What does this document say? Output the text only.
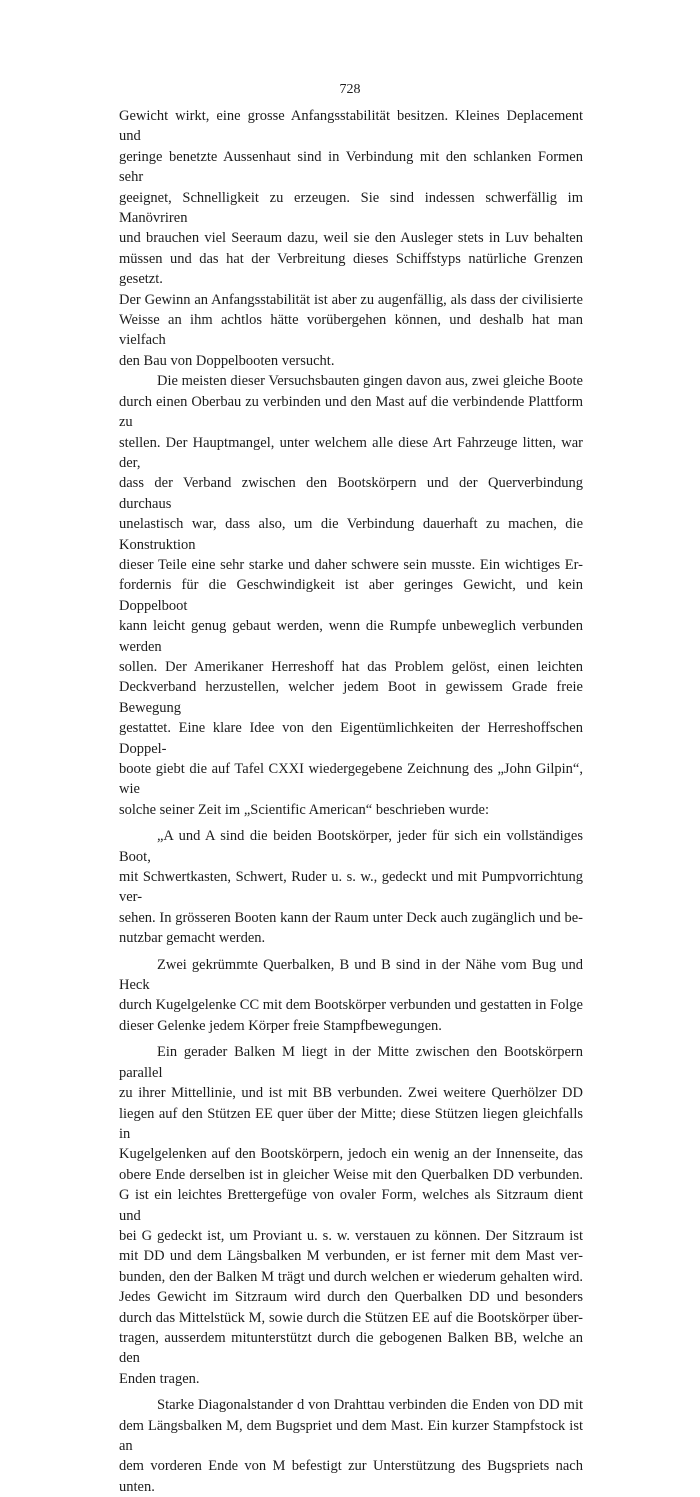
728

Gewicht wirkt, eine grosse Anfangsstabilität besitzen. Kleines Deplacement und
geringe benetzte Aussenhaut sind in Verbindung mit den schlanken Formen sehr
geeignet, Schnelligkeit zu erzeugen. Sie sind indessen schwerfällig im Manövriren
und brauchen viel Seeraum dazu, weil sie den Ausleger stets in Luv behalten
müssen und das hat der Verbreitung dieses Schiffstyps natürliche Grenzen gesetzt.
Der Gewinn an Anfangsstabilität ist aber zu augenfällig, als dass der civilisierte
Weisse an ihm achtlos hätte vorübergehen können, und deshalb hat man vielfach
den Bau von Doppelbooten versucht.

Die meisten dieser Versuchsbauten gingen davon aus, zwei gleiche Boote
durch einen Oberbau zu verbinden und den Mast auf die verbindende Plattform zu
stellen. Der Hauptmangel, unter welchem alle diese Art Fahrzeuge litten, war der,
dass der Verband zwischen den Bootskörpern und der Querverbindung durchaus
unelastisch war, dass also, um die Verbindung dauerhaft zu machen, die Konstruktion
dieser Teile eine sehr starke und daher schwere sein musste. Ein wichtiges Er-
fordernis für die Geschwindigkeit ist aber geringes Gewicht, und kein Doppelboot
kann leicht genug gebaut werden, wenn die Rumpfe unbeweglich verbunden werden
sollen. Der Amerikaner Herreshoff hat das Problem gelöst, einen leichten
Deckverband herzustellen, welcher jedem Boot in gewissem Grade freie Bewegung
gestattet. Eine klare Idee von den Eigentümlichkeiten der Herreshoffschen Doppel-
boote giebt die auf Tafel CXXI wiedergegebene Zeichnung des „John Gilpin“, wie
solche seiner Zeit im „Scientific American“ beschrieben wurde:

„A und A sind die beiden Bootskörper, jeder für sich ein vollständiges Boot,
mit Schwertkasten, Schwert, Ruder u. s. w., gedeckt und mit Pumpvorrichtung ver-
sehen. In grösseren Booten kann der Raum unter Deck auch zugänglich und be-
nutzbar gemacht werden.

Zwei gekrümmte Querbalken, B und B sind in der Nähe vom Bug und Heck
durch Kugelgelenke CC mit dem Bootskörper verbunden und gestatten in Folge
dieser Gelenke jedem Körper freie Stampfbewegungen.

Ein gerader Balken M liegt in der Mitte zwischen den Bootskörpern parallel
zu ihrer Mittellinie, und ist mit BB verbunden. Zwei weitere Querhölzer DD
liegen auf den Stützen EE quer über der Mitte; diese Stützen liegen gleichfalls in
Kugelgelenken auf den Bootskörpern, jedoch ein wenig an der Innenseite, das
obere Ende derselben ist in gleicher Weise mit den Querbalken DD verbunden.
G ist ein leichtes Brettergefüge von ovaler Form, welches als Sitzraum dient und
bei G gedeckt ist, um Proviant u. s. w. verstauen zu können. Der Sitzraum ist
mit DD und dem Längsbalken M verbunden, er ist ferner mit dem Mast ver-
bunden, den der Balken M trägt und durch welchen er wiederum gehalten wird.
Jedes Gewicht im Sitzraum wird durch den Querbalken DD und besonders
durch das Mittelstück M, sowie durch die Stützen EE auf die Bootskörper über-
tragen, ausserdem mitunterstützt durch die gebogenen Balken BB, welche an den
Enden tragen.

Starke Diagonalstander d von Drahttau verbinden die Enden von DD mit
dem Längsbalken M, dem Bugspriet und dem Mast. Ein kurzer Stampfstock ist an
dem vorderen Ende von M befestigt zur Unterstützung des Bugspriets nach unten.
